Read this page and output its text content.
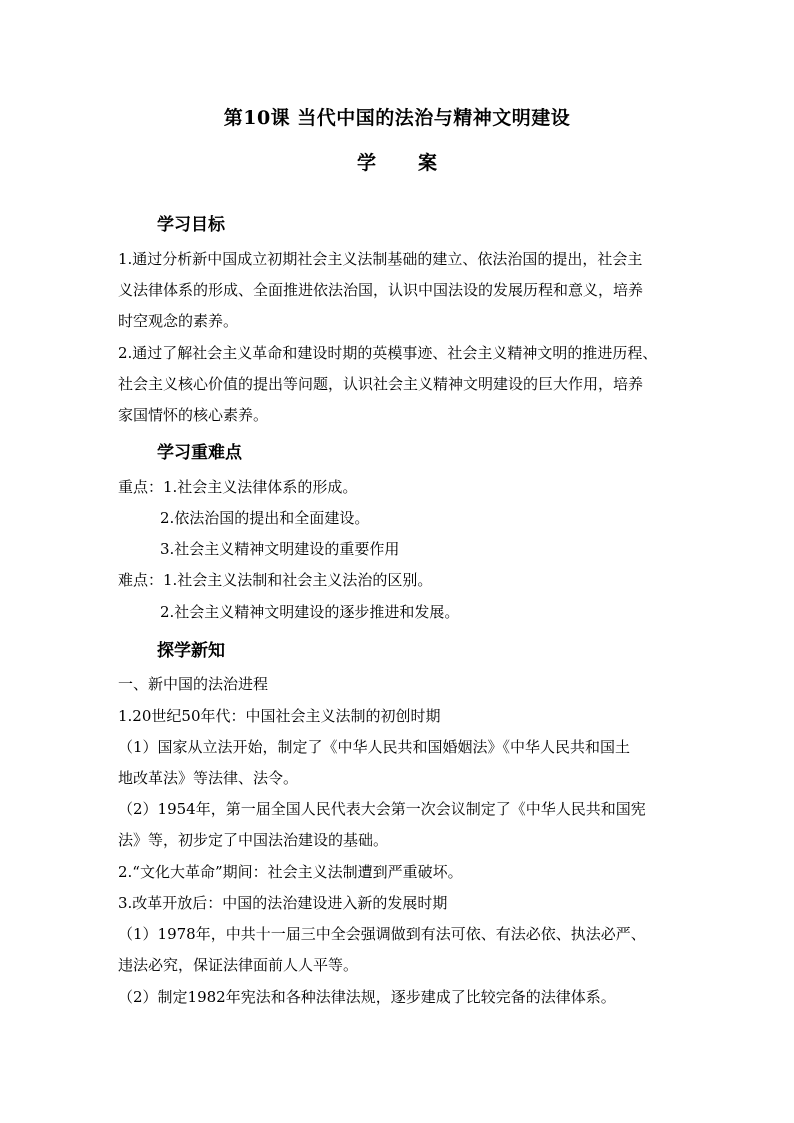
第10课 当代中国的法治与精神文明建设
学案
学习目标
1.通过分析新中国成立初期社会主义法制基础的建立、依法治国的提出，社会主
义法律体系的形成、全面推进依法治国，认识中国法设的发展历程和意义，培养
时空观念的素养。
2.通过了解社会主义革命和建设时期的英模事迹、社会主义精神文明的推进历程、
社会主义核心价值的提出等问题，认识社会主义精神文明建设的巨大作用，培养
家国情怀的核心素养。
学习重难点
重点：1.社会主义法律体系的形成。
2.依法治国的提出和全面建设。
3.社会主义精神文明建设的重要作用
难点：1.社会主义法制和社会主义法治的区别。
2.社会主义精神文明建设的逐步推进和发展。
探学新知
一、新中国的法治进程
1.20世纪50年代：中国社会主义法制的初创时期
（1）国家从立法开始，制定了《中华人民共和国婚姻法》《中华人民共和国土
地改革法》等法律、法令。
（2）1954年，第一届全国人民代表大会第一次会议制定了《中华人民共和国宪
法》等，初步定了中国法治建设的基础。
2.“文化大革命”期间：社会主义法制遭到严重破坏。
3.改革开放后：中国的法治建设进入新的发展时期
（1）1978年，中共十一届三中全会强调做到有法可依、有法必依、执法必严、
违法必究，保证法律面前人人平等。
（2）制定1982年宪法和各种法律法规，逐步建成了比较完备的法律体系。
